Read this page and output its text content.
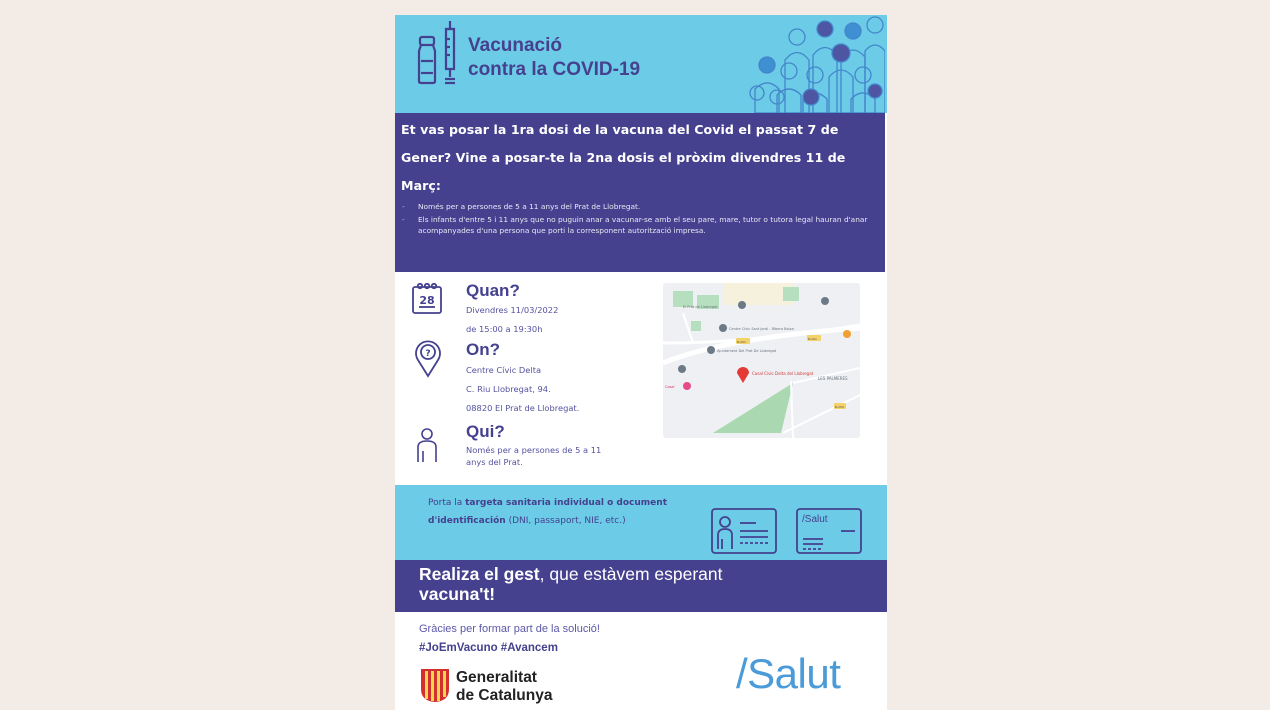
Vacunació
contra la COVID-19
Et vas posar la 1ra dosi de la vacuna del Covid el passat 7 de Gener? Vine a posar-te la 2na dosis el pròxim divendres 11 de Març:
- Només per a persones de 5 a 11 anys del Prat de Llobregat.
- Els infants d'entre 5 i 11 anys que no puguin anar a vacunar-se amb el seu pare, mare, tutor o tutora legal hauran d'anar acompanyades d'una persona que porti la corresponent autorització impresa.
28
Quan?
Divendres 11/03/2022
de 15:00 a 19:30h
? On?
Centre Cívic Delta
C. Riu Llobregat, 94.
08820 El Prat de Llobregat.
Qui?
Només per a persones de 5 a 11
anys del Prat.
Casal Cívic Delta del Llobregat
LES PALMERES
Centre Cívic Sant Jordi - Ribera Baixa
Ajuntament Del Prat De Llobregat
El Prat de Llobregat
Casal
B-201
B-201
B-250
Porta la targeta sanitaria individual o document d'identificación (DNI, passaport, NIE, etc.)	/Salut
Realiza el gest, que estàvem esperant
vacuna't!
Gràcies per formar part de la solució!
#JoEmVacuno #Avancem
Generalitat
de Catalunya	/Salut
